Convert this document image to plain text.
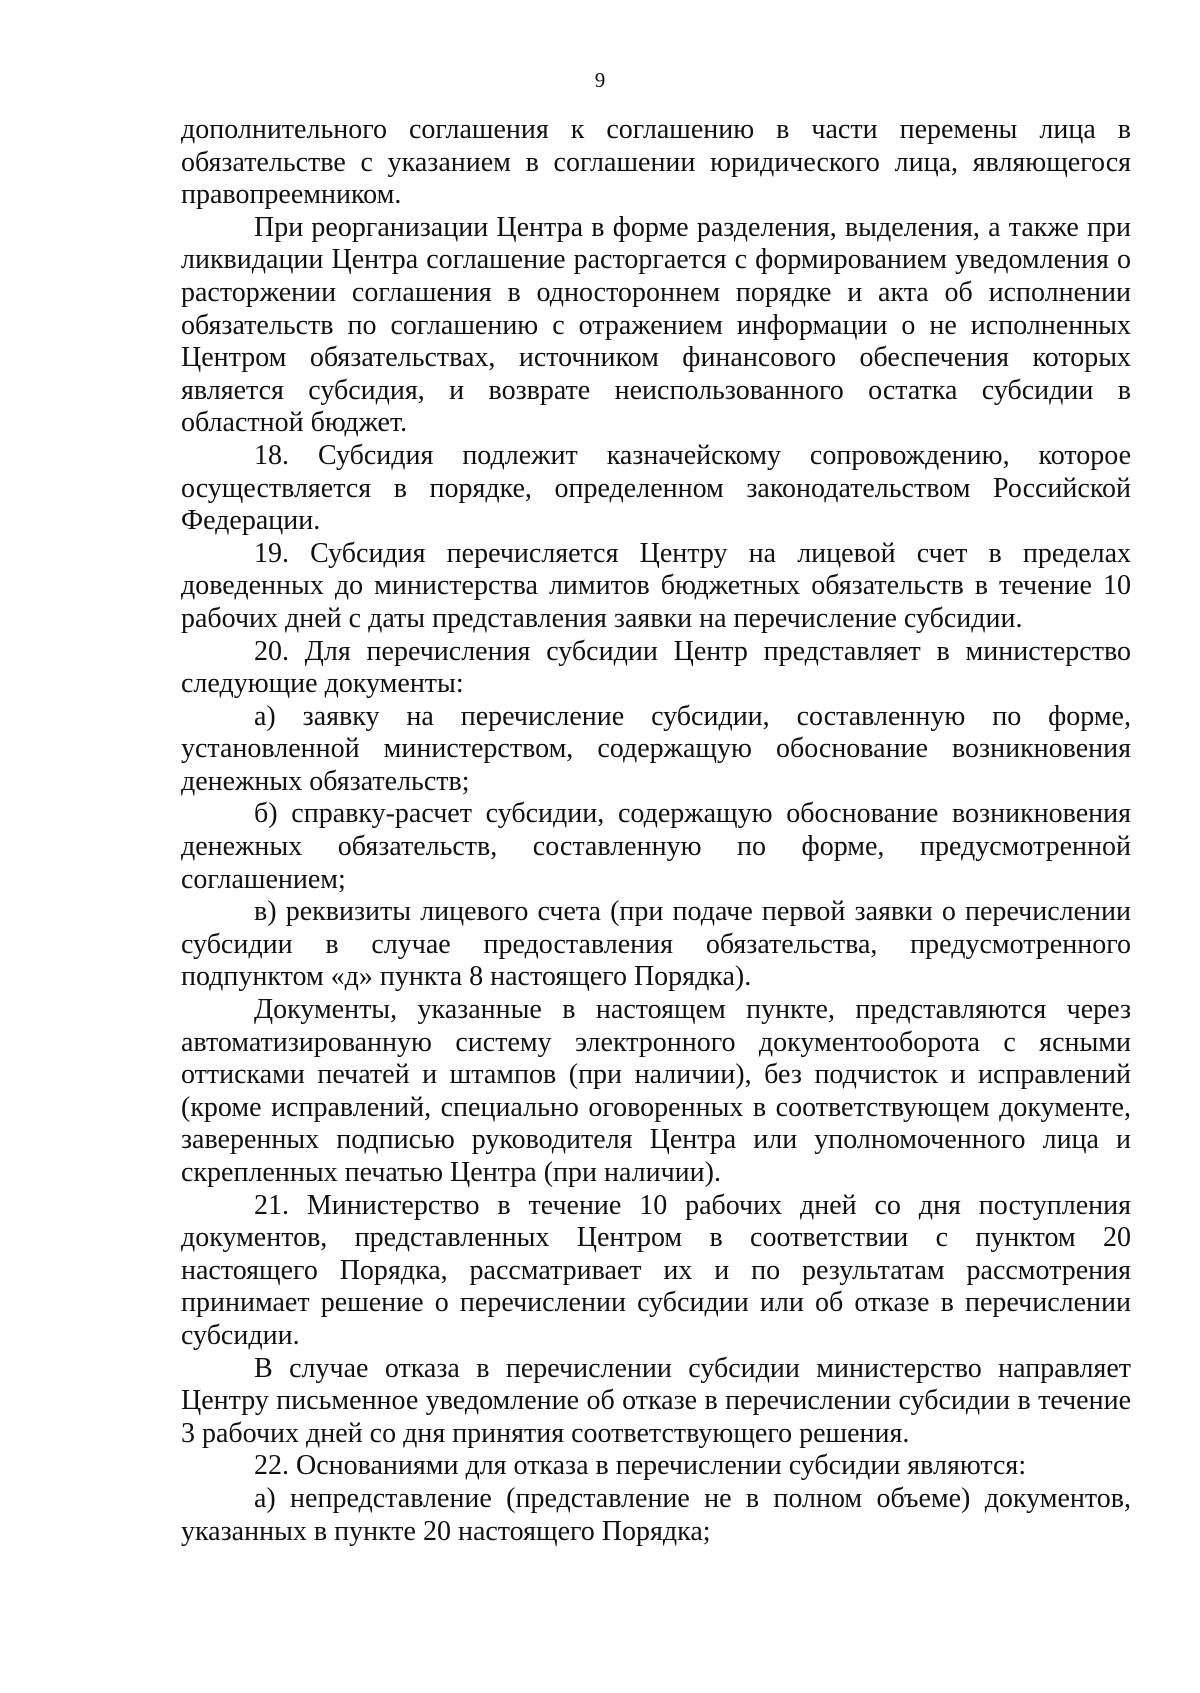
9

дополнительного соглашения к соглашению в части перемены лица в обязательстве с указанием в соглашении юридического лица, являющегося правопреемником.

При реорганизации Центра в форме разделения, выделения, а также при ликвидации Центра соглашение расторгается с формированием уведомления о расторжении соглашения в одностороннем порядке и акта об исполнении обязательств по соглашению с отражением информации о не исполненных Центром обязательствах, источником финансового обеспечения которых является субсидия, и возврате неиспользованного остатка субсидии в областной бюджет.

18. Субсидия подлежит казначейскому сопровождению, которое осуществляется в порядке, определенном законодательством Российской Федерации.

19. Субсидия перечисляется Центру на лицевой счет в пределах доведенных до министерства лимитов бюджетных обязательств в течение 10 рабочих дней с даты представления заявки на перечисление субсидии.

20. Для перечисления субсидии Центр представляет в министерство следующие документы:

а) заявку на перечисление субсидии, составленную по форме, установленной министерством, содержащую обоснование возникновения денежных обязательств;

б) справку-расчет субсидии, содержащую обоснование возникновения денежных обязательств, составленную по форме, предусмотренной соглашением;

в) реквизиты лицевого счета (при подаче первой заявки о перечислении субсидии в случае предоставления обязательства, предусмотренного подпунктом «д» пункта 8 настоящего Порядка).

Документы, указанные в настоящем пункте, представляются через автоматизированную систему электронного документооборота с ясными оттисками печатей и штампов (при наличии), без подчисток и исправлений (кроме исправлений, специально оговоренных в соответствующем документе, заверенных подписью руководителя Центра или уполномоченного лица и скрепленных печатью Центра (при наличии).

21. Министерство в течение 10 рабочих дней со дня поступления документов, представленных Центром в соответствии с пунктом 20 настоящего Порядка, рассматривает их и по результатам рассмотрения принимает решение о перечислении субсидии или об отказе в перечислении субсидии.

В случае отказа в перечислении субсидии министерство направляет Центру письменное уведомление об отказе в перечислении субсидии в течение 3 рабочих дней со дня принятия соответствующего решения.

22. Основаниями для отказа в перечислении субсидии являются:

а) непредставление (представление не в полном объеме) документов, указанных в пункте 20 настоящего Порядка;
